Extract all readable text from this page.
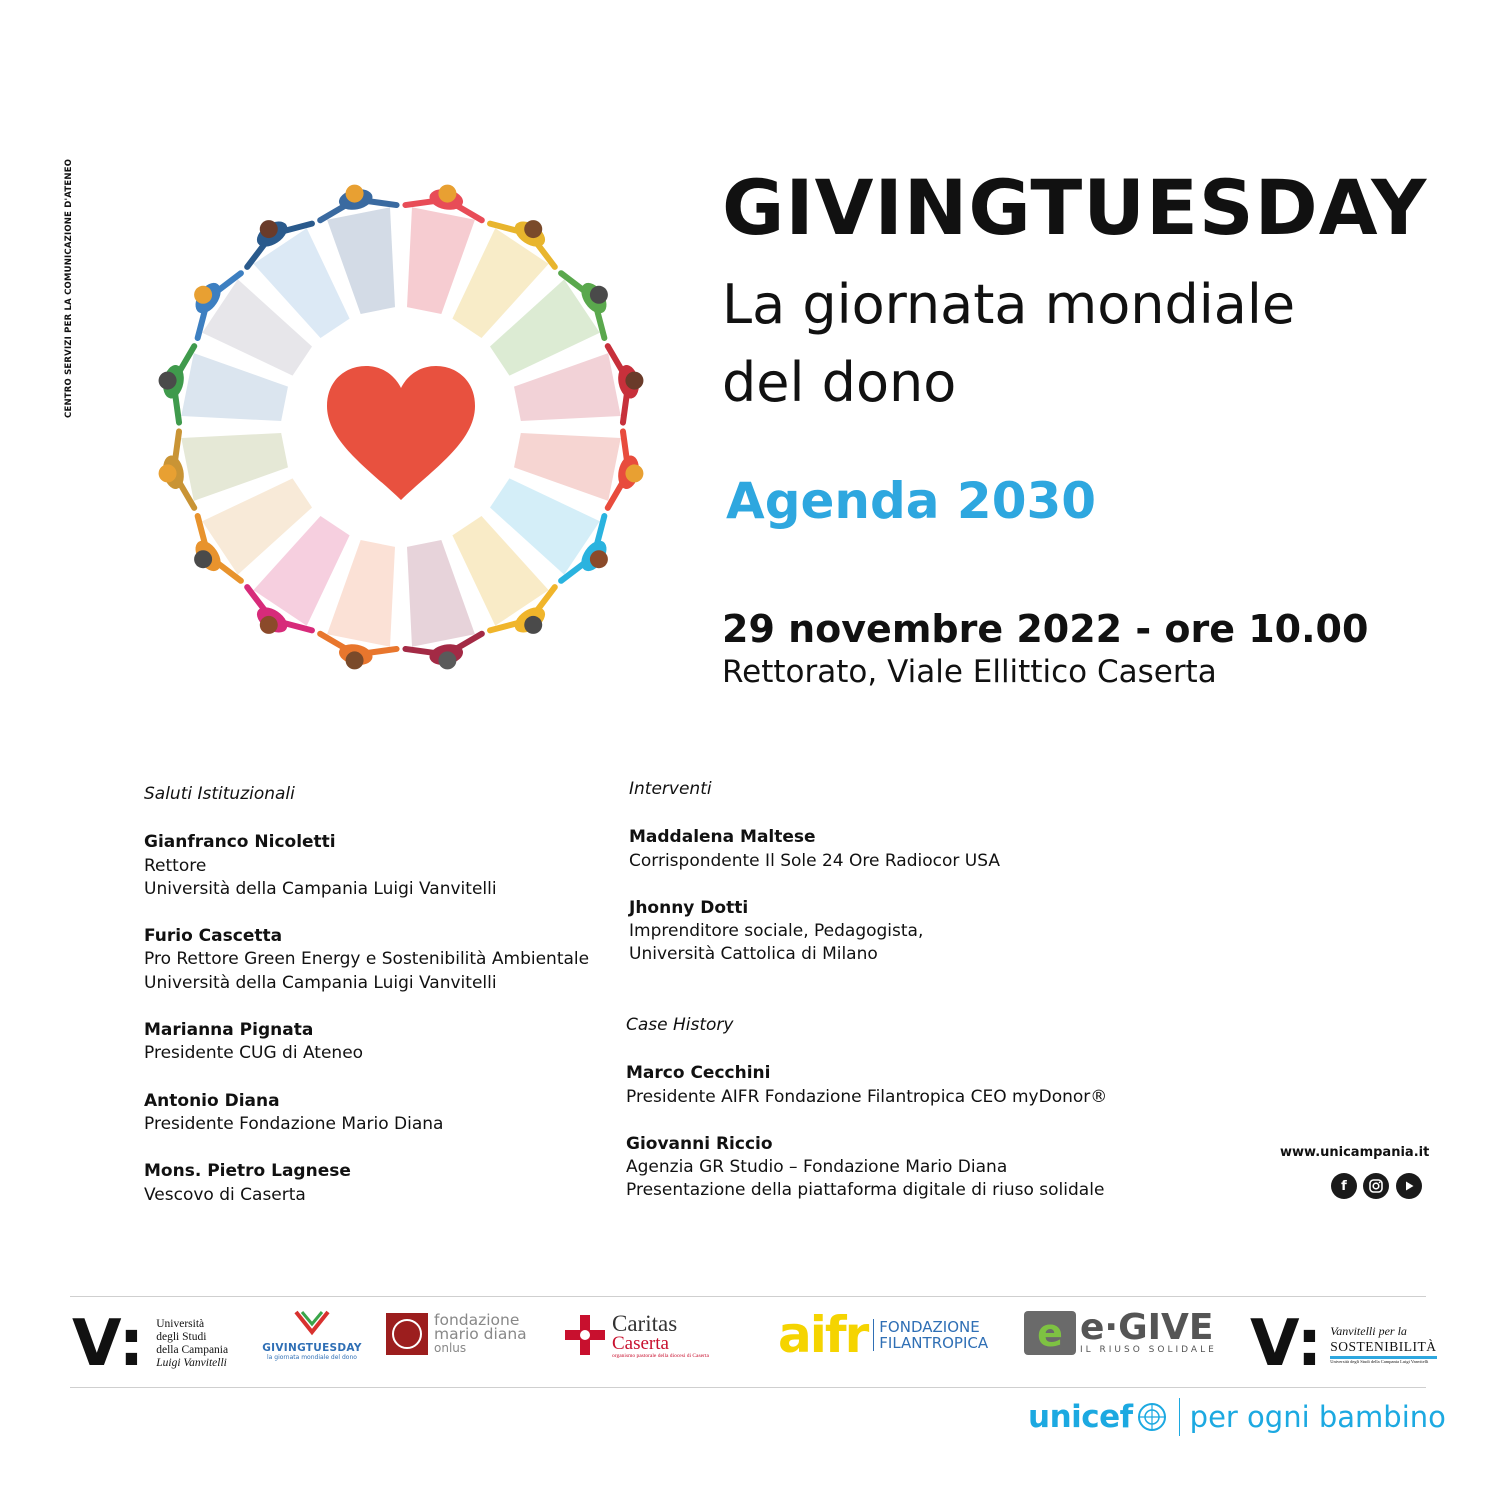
CENTRO SERVIZI PER LA COMUNICAZIONE D'ATENEO	GIVINGTUESDAY
La giornata mondiale
del dono
Agenda 2030
29 novembre 2022 - ore 10.00
Rettorato, Viale Ellittico Caserta
Saluti Istituzionali
Gianfranco Nicoletti
Rettore
Università della Campania Luigi Vanvitelli
Furio Cascetta
Pro Rettore Green Energy e Sostenibilità Ambientale
Università della Campania Luigi Vanvitelli
Marianna Pignata
Presidente CUG di Ateneo
Antonio Diana
Presidente Fondazione Mario Diana
Mons. Pietro Lagnese
Vescovo di Caserta
Interventi
Maddalena Maltese
Corrispondente Il Sole 24 Ore Radiocor USA
Jhonny Dotti
Imprenditore sociale, Pedagogista,
Università Cattolica di Milano
Case History
Marco Cecchini
Presidente AIFR Fondazione Filantropica CEO myDonor®
Giovanni Riccio
Agenzia GR Studio – Fondazione Mario Diana
Presentazione della piattaforma digitale di riuso solidale
www.unicampania.it
f
V: Università
degli Studi
della Campania
Luigi Vanvitelli
GIVINGTUESDAY
la giornata mondiale del dono
fondazione
mario diana
onlus
Caritas
Caserta
organismo pastorale della diocesi di Caserta aifr FONDAZIONE
FILANTROPICA	e e·GIVE
IL RIUSO SOLIDALE V: Vanvitelli per la
SOSTENIBILITÀ
Università degli Studi della Campania Luigi Vanvitelli
unicef per ogni bambino
